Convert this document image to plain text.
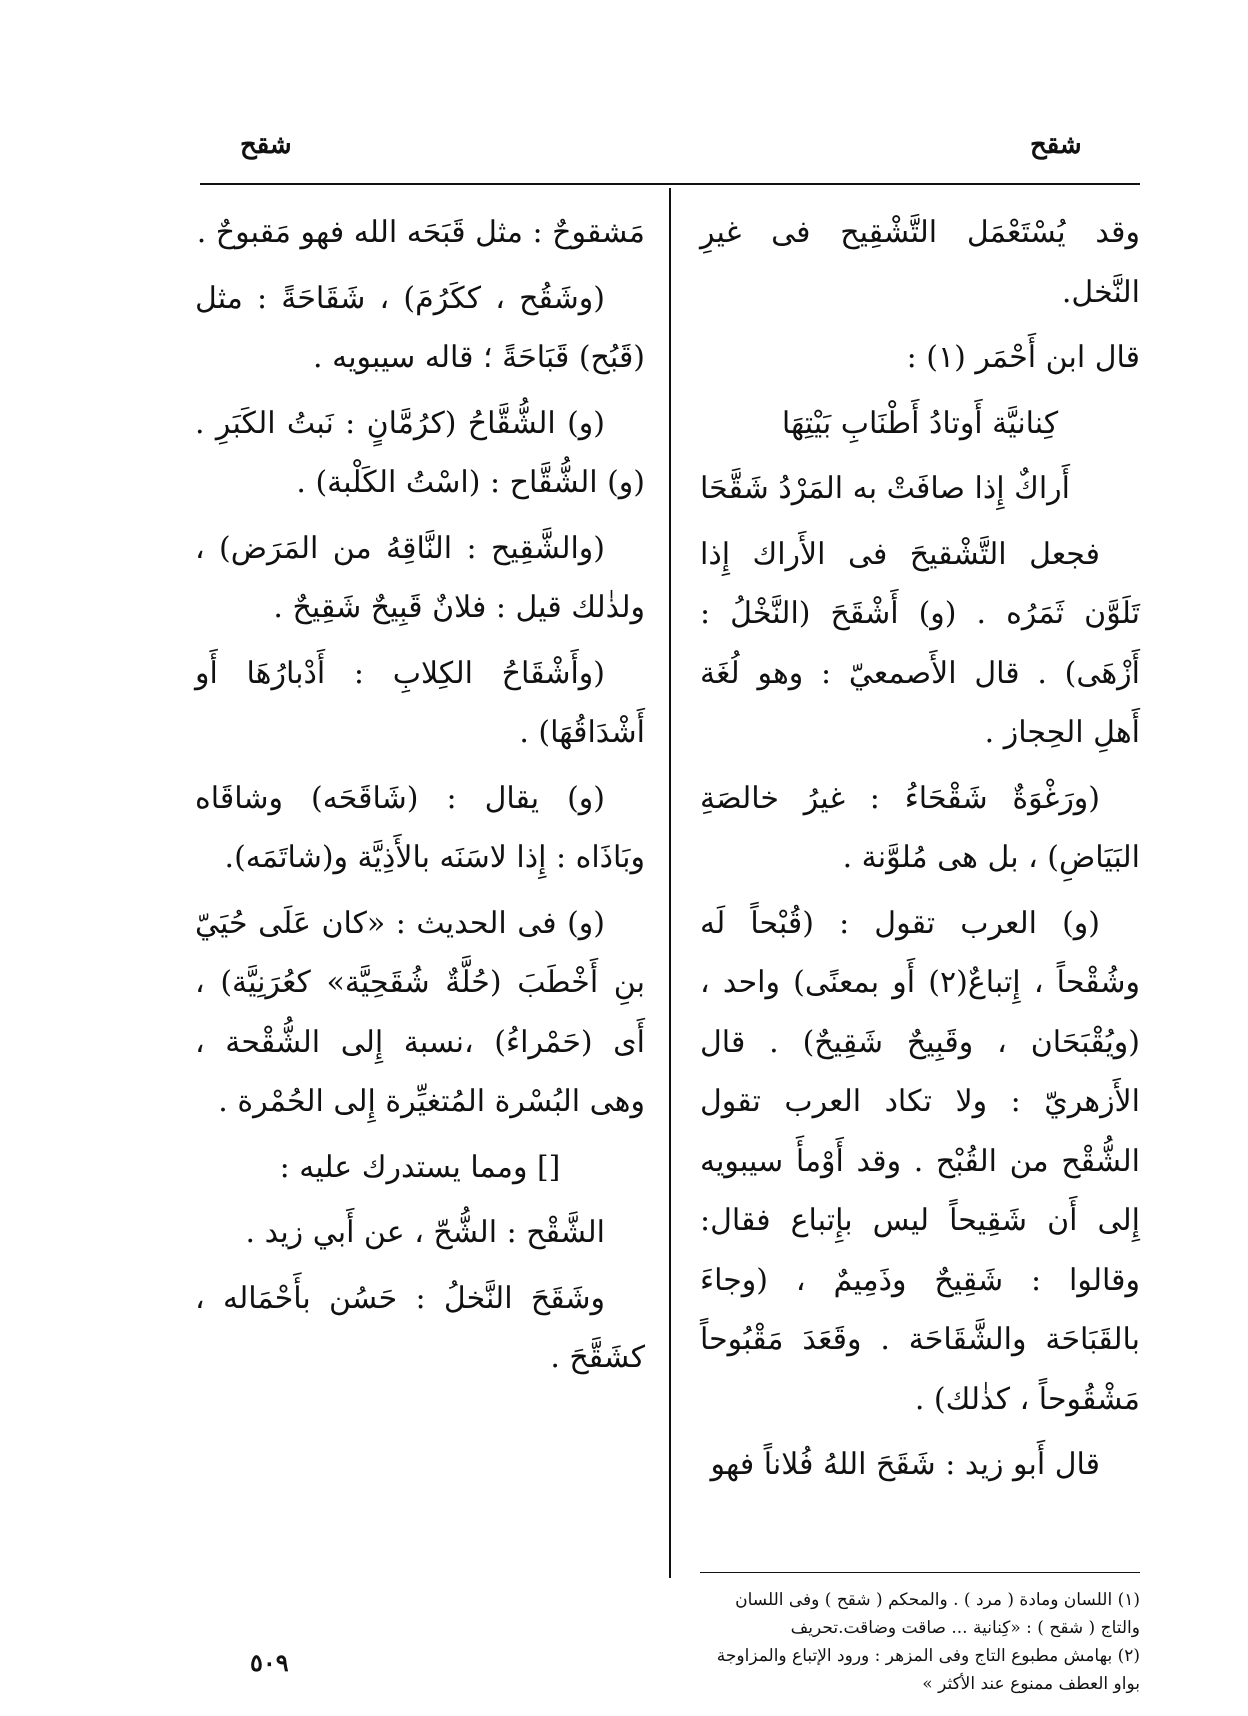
شقح
شقح

وقد يُسْتَعْمَل التَّشْقِيح فى غيرِ النَّخل.

قال ابن أَحْمَر (١) :

كِنانيَّة أَوتادُ أَطْنَابِ بَيْتِهَا

أَراكٌ إِذا صافَتْ به المَرْدُ شَقَّحَا

فجعل التَّشْقيحَ فى الأَراك إِذا تَلَوَّن ثَمَرُه . (و) أَشْقَحَ (النَّخْلُ : أَزْهَى) . قال الأَصمعيّ : وهو لُغَة أَهلِ الحِجاز .

(ورَغْوَةٌ شَقْحَاءُ : غيرُ خالصَةِ البَيَاضِ) ، بل هى مُلوَّنة .

(و) العرب تقول : (قُبْحاً لَه وشُقْحاً ، إِتباعٌ(٢) أَو بمعنًى) واحد ، (ويُقْبَحَان ، وقَبِيحٌ شَقِيحٌ) . قال الأَزهريّ : ولا تكاد العرب تقول الشُّقْح من القُبْح . وقد أَوْمأَ سيبويه إِلى أَن شَقِيحاً ليس بإِتباع فقال: وقالوا : شَقِيحٌ وذَمِيمٌ ، (وجاءَ بالقَبَاحَة والشَّقَاحَة . وقَعَدَ مَقْبُوحاً مَشْقُوحاً ، كذٰلك) .

قال أَبو زيد : شَقَحَ اللهُ فُلاناً فهو

مَشقوحٌ : مثل قَبَحَه الله فهو مَقبوحٌ .

(وشَقُح ، ككَرُمَ) ، شَقَاحَةً : مثل (قَبُح) قَبَاحَةً ؛ قاله سيبويه .

(و) الشُّقَّاحُ (كرُمَّانٍ : نَبتُ الكَبَرِ . (و) الشُّقَّاح : (اسْتُ الكَلْبة) .

(والشَّقِيح : النَّاقِهُ من المَرَض) ، ولذٰلك قيل : فلانٌ قَبِيحٌ شَقِيحٌ .

(وأَشْقَاحُ الكِلابِ : أَدْبارُهَا أَو أَشْدَاقُهَا) .

(و) يقال : (شَاقَحَه) وشاقَاه وبَاذَاه : إِذا لاسَنَه بالأَذِيَّة و(شاتَمَه).

(و) فى الحديث : «كان عَلَى حُيَيّ بنِ أَخْطَبَ (حُلَّةٌ شُقَحِيَّة» كعُرَنِيَّة) ، أَى (حَمْراءُ) ،نسبة إِلى الشُّقْحة ، وهى البُسْرة المُتغيِّرة إِلى الحُمْرة .

[] ومما يستدرك عليه :

الشَّقْح : الشُّحّ ، عن أَبي زيد .

وشَقَحَ النَّخلُ : حَسُن بأَحْمَاله ، كشَقَّحَ .

(١) اللسان ومادة ( مرد ) . والمحكم ( شقح ) وفى اللسان والتاج ( شقح ) : «كِنانية ... صاقت وضاقت.تحريف

(٢) بهامش مطبوع التاج وفى المزهر : ورود الإتباع والمزاوجة بواو العطف ممنوع عند الأكثر »

٥٠٩
